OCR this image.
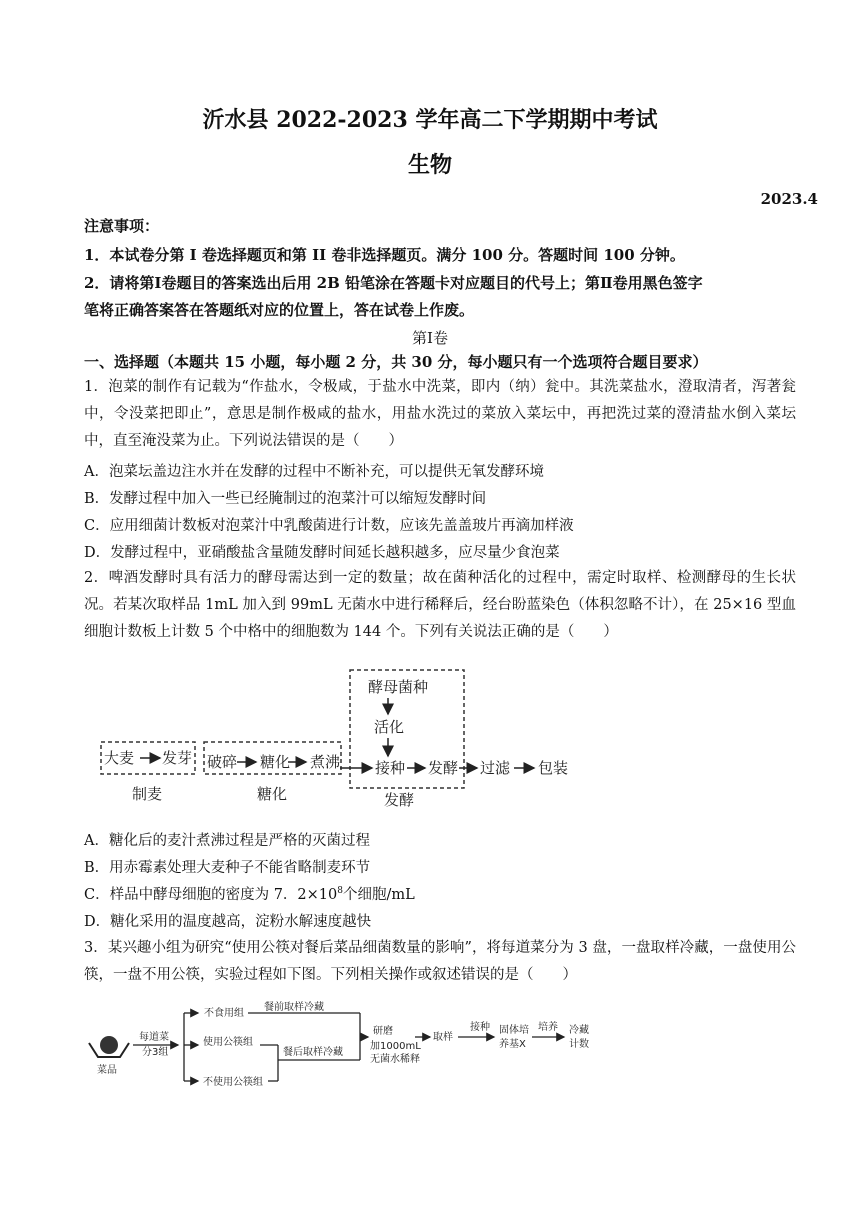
沂水县 2022-2023 学年高二下学期期中考试
生物
2023.4
注意事项：
1．本试卷分第 I 卷选择题页和第 II 卷非选择题页。满分 100 分。答题时间 100 分钟。
2．请将第Ⅰ卷题目的答案选出后用 2B 铅笔涂在答题卡对应题目的代号上；第Ⅱ卷用黑色签字
笔将正确答案答在答题纸对应的位置上，答在试卷上作废。
第Ⅰ卷
一、选择题（本题共 15 小题，每小题 2 分，共 30 分，每小题只有一个选项符合题目要求）
1．泡菜的制作有记载为“作盐水，令极咸，于盐水中洗菜，即内（纳）瓮中。其洗菜盐水，澄取清者，泻著瓮中，令没菜把即止”，意思是制作极咸的盐水，用盐水洗过的菜放入菜坛中，再把洗过菜的澄清盐水倒入菜坛中，直至淹没菜为止。下列说法错误的是（　　）
A．泡菜坛盖边注水并在发酵的过程中不断补充，可以提供无氧发酵环境
B．发酵过程中加入一些已经腌制过的泡菜汁可以缩短发酵时间
C．应用细菌计数板对泡菜汁中乳酸菌进行计数，应该先盖盖玻片再滴加样液
D．发酵过程中，亚硝酸盐含量随发酵时间延长越积越多，应尽量少食泡菜
2．啤酒发酵时具有活力的酵母需达到一定的数量；故在菌种活化的过程中，需定时取样、检测酵母的生长状况。若某次取样品 1mL 加入到 99mL 无菌水中进行稀释后，经台盼蓝染色（体积忽略不计），在 25×16 型血细胞计数板上计数 5 个中格中的细胞数为 144 个。下列有关说法正确的是（　　）
酵母菌种
活化
大麦 发芽 破碎 糖化 煮沸 接种 发酵 过滤 包装
制麦	糖化	发酵
A．糖化后的麦汁煮沸过程是严格的灭菌过程
B．用赤霉素处理大麦种子不能省略制麦环节
C．样品中酵母细胞的密度为 7．$2\times 10^8$个细胞/mL
D．糖化采用的温度越高，淀粉水解速度越快
3．某兴趣小组为研究“使用公筷对餐后菜品细菌数量的影响”，将每道菜分为 3 盘，一盘取样冷藏，一盘使用公筷，一盘不用公筷，实验过程如下图。下列相关操作或叙述错误的是（　　）
菜品
每道菜
分3组
不食用组
使用公筷组
不使用公筷组
餐前取样冷藏
餐后取样冷藏
研磨
加1000mL
无菌水稀释
取样
接种 固体培
养基X
培养 冷藏
计数
